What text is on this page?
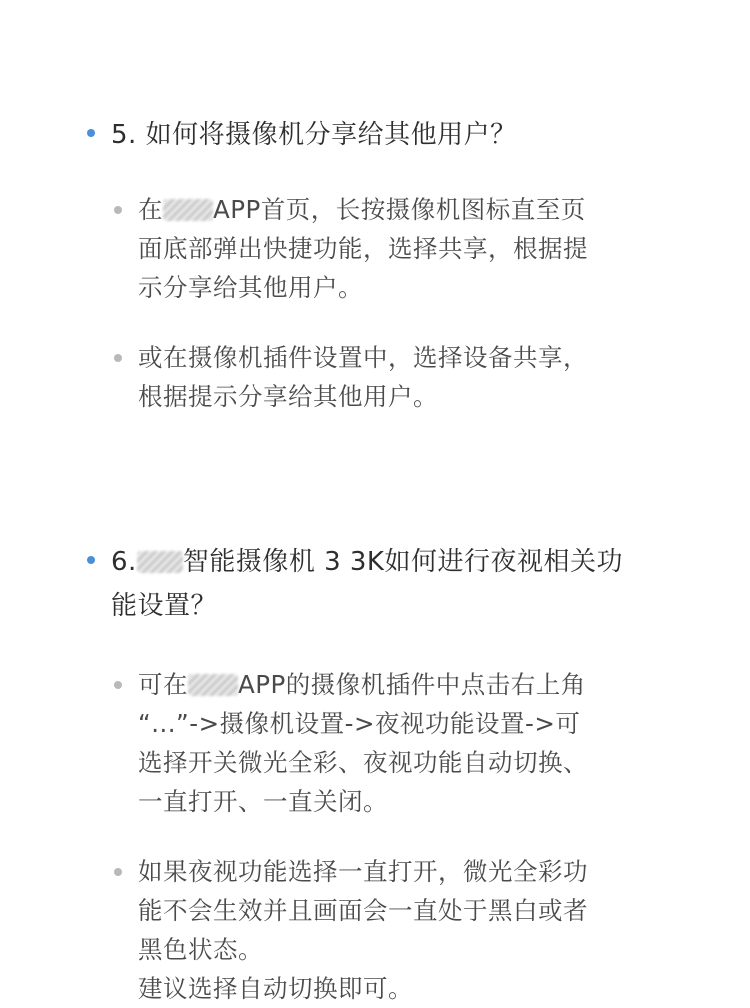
5. 如何将摄像机分享给其他用户？
在 APP首页，长按摄像机图标直至页
面底部弹出快捷功能，选择共享，根据提
示分享给其他用户。
或在摄像机插件设置中，选择设备共享，
根据提示分享给其他用户。
6. 智能摄像机 3 3K如何进行夜视相关功
能设置？
可在 APP的摄像机插件中点击右上角
“...”->摄像机设置->夜视功能设置->可
选择开关微光全彩、夜视功能自动切换、
一直打开、一直关闭。
如果夜视功能选择一直打开，微光全彩功
能不会生效并且画面会一直处于黑白或者
黑色状态。
建议选择自动切换即可。
